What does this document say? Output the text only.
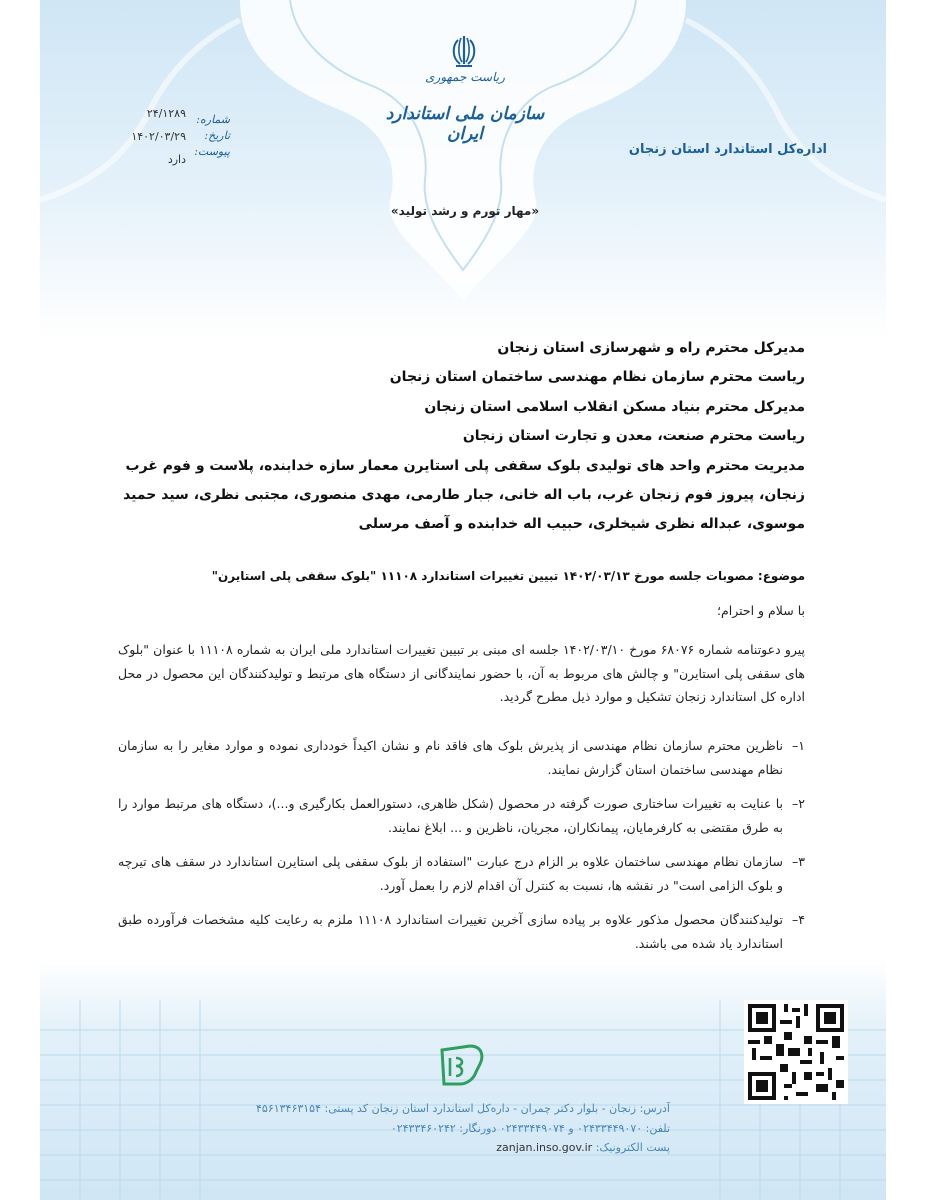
ریاست جمهوری
سازمان ملی استاندارد ایران
اداره‌کل استاندارد استان زنجان
شماره:
تاریخ:
پیوست:
۲۴/۱۲۸۹
۱۴۰۲/۰۳/۲۹
دارد
«مهار تورم و رشد تولید»
مدیرکل محترم راه و شهرسازی استان زنجان
ریاست محترم سازمان نظام مهندسی ساختمان استان زنجان
مدیرکل محترم بنیاد مسکن انقلاب اسلامی استان زنجان
ریاست محترم صنعت، معدن و تجارت استان زنجان
مدیریت محترم واحد های تولیدی بلوک سقفی پلی استایرن معمار سازه خدابنده، پلاست و فوم غرب زنجان، پیروز فوم زنجان غرب، باب اله خانی، جبار طارمی، مهدی منصوری، مجتبی نظری، سید حمید موسوی، عبداله نظری شیخلری، حبیب اله خدابنده و آصف مرسلی
موضوع: مصوبات جلسه مورخ ۱۴۰۲/۰۳/۱۳ تبیین تغییرات استاندارد ۱۱۱۰۸ "بلوک سقفی پلی استایرن"
با سلام و احترام؛
پیرو دعوتنامه شماره ۶۸۰۷۶ مورخ ۱۴۰۲/۰۳/۱۰ جلسه ای مبنی بر تبیین تغییرات استاندارد ملی ایران به شماره ۱۱۱۰۸ با عنوان "بلوک های سقفی پلی استایرن" و چالش های مربوط به آن، با حضور نمایندگانی از دستگاه های مرتبط و تولیدکنندگان این محصول در محل اداره کل استاندارد زنجان تشکیل و موارد ذیل مطرح گردید.
۱–
ناظرین محترم سازمان نظام مهندسی از پذیرش بلوک های فاقد نام و نشان اکیداً خودداری نموده و موارد مغایر را به سازمان نظام مهندسی ساختمان استان گزارش نمایند.
۲–
با عنایت به تغییرات ساختاری صورت گرفته در محصول (شکل ظاهری، دستورالعمل بکارگیری و...)، دستگاه های مرتبط موارد را به طرق مقتضی به کارفرمایان، پیمانکاران، مجریان، ناظرین و ... ابلاغ نمایند.
۳–
سازمان نظام مهندسی ساختمان علاوه بر الزام درج عبارت "استفاده از بلوک سقفی پلی استایرن استاندارد در سقف های تیرچه و بلوک الزامی است" در نقشه ها، نسبت به کنترل آن اقدام لازم را بعمل آورد.
۴–
تولیدکنندگان محصول مذکور علاوه بر پیاده سازی آخرین تغییرات استاندارد ۱۱۱۰۸ ملزم به رعایت کلیه مشخصات فرآورده طبق استاندارد یاد شده می باشند.
آدرس: زنجان - بلوار دکتر چمران - داره‌کل استاندارد استان زنجان کد پستی: ۴۵۶۱۳۴۶۳۱۵۴
تلفن: ۰۲۴۳۳۴۴۹۰۷۰ و ۰۲۴۳۳۴۴۹۰۷۴ دورنگار: ۰۲۴۳۳۴۶۰۲۴۲
پست الکترونیک: zanjan.inso.gov.ir
